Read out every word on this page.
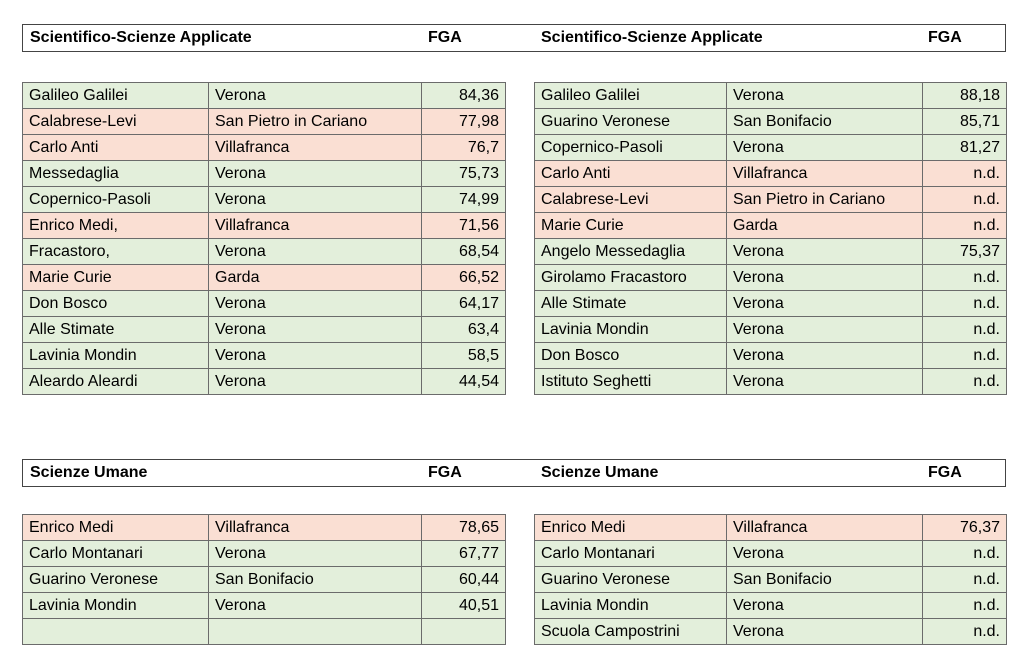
Scientifico-Scienze Applicate	FGA	Scientifico-Scienze Applicate	FGA
Galileo Galilei	Verona	84,36
Calabrese-Levi	San Pietro in Cariano	77,98
Carlo Anti	Villafranca	76,7
Messedaglia	Verona	75,73
Copernico-Pasoli	Verona	74,99
Enrico Medi,	Villafranca	71,56
Fracastoro,	Verona	68,54
Marie Curie	Garda	66,52
Don Bosco	Verona	64,17
Alle Stimate	Verona	63,4
Lavinia Mondin	Verona	58,5
Aleardo Aleardi	Verona	44,54
Galileo Galilei	Verona	88,18
Guarino Veronese	San Bonifacio	85,71
Copernico-Pasoli	Verona	81,27
Carlo Anti	Villafranca	n.d.
Calabrese-Levi	San Pietro in Cariano	n.d.
Marie Curie	Garda	n.d.
Angelo Messedaglia	Verona	75,37
Girolamo Fracastoro	Verona	n.d.
Alle Stimate	Verona	n.d.
Lavinia Mondin	Verona	n.d.
Don Bosco	Verona	n.d.
Istituto Seghetti	Verona	n.d.
Scienze Umane	FGA	Scienze Umane	FGA
Enrico Medi	Villafranca	78,65
Carlo Montanari	Verona	67,77
Guarino Veronese	San Bonifacio	60,44
Lavinia Mondin	Verona	40,51

Enrico Medi	Villafranca	76,37
Carlo Montanari	Verona	n.d.
Guarino Veronese	San Bonifacio	n.d.
Lavinia Mondin	Verona	n.d.
Scuola Campostrini	Verona	n.d.
